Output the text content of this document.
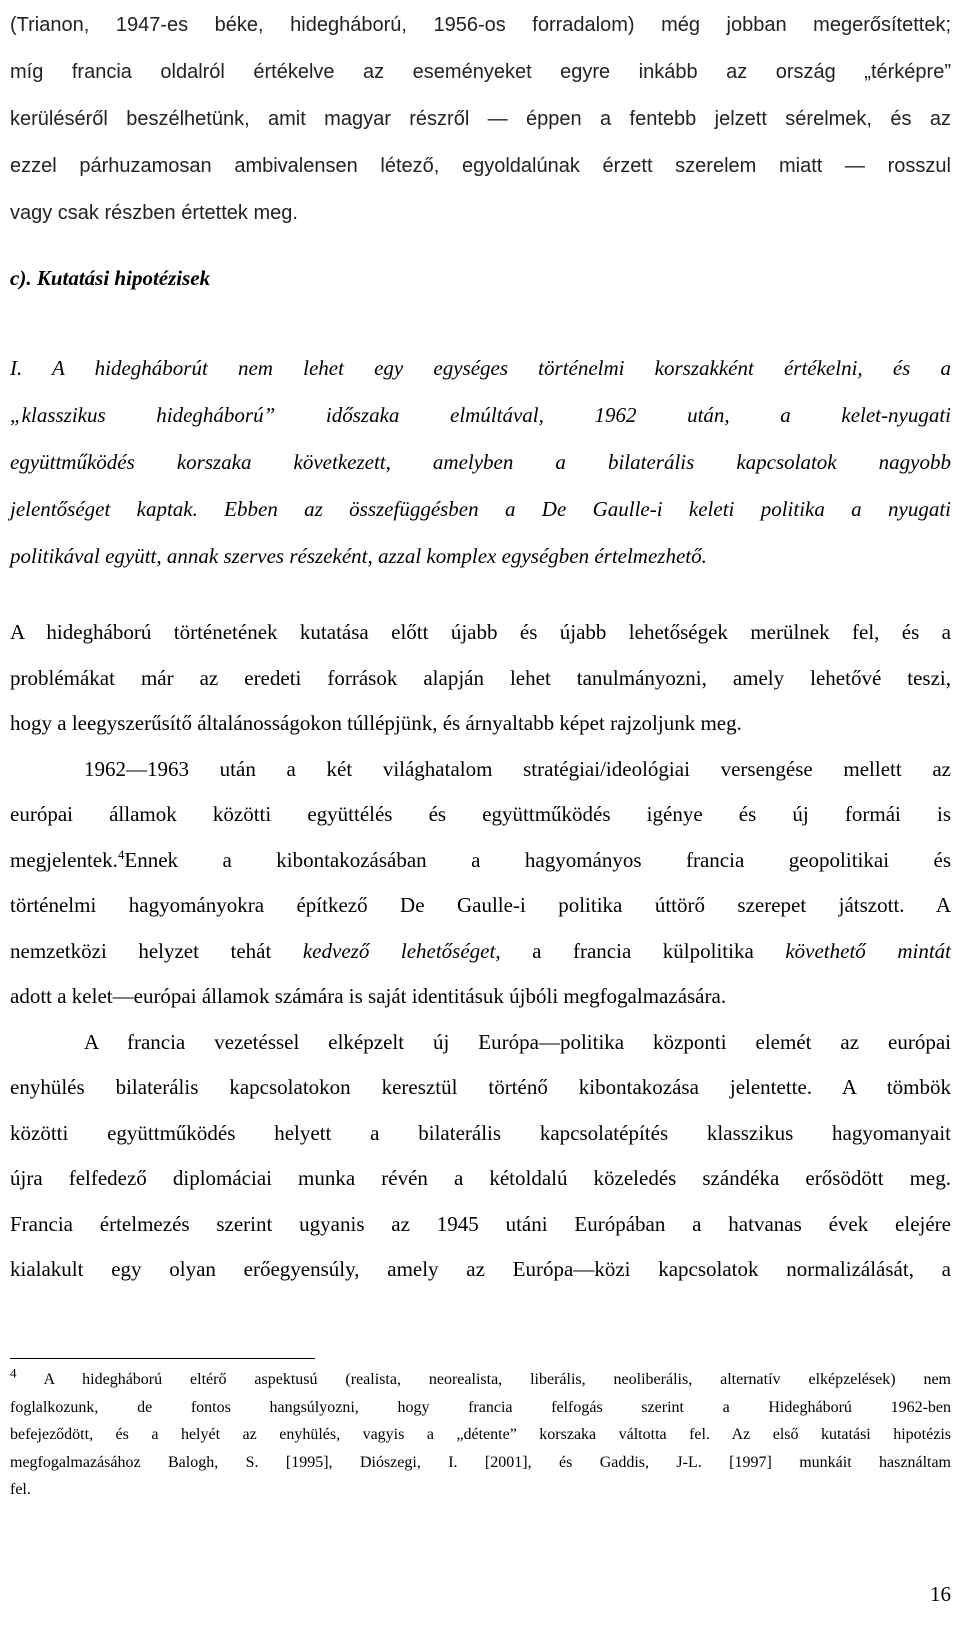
(Trianon, 1947-es béke, hidegháború, 1956-os forradalom) még jobban megerősítettek;
míg francia oldalról értékelve az eseményeket egyre inkább az ország „térképre”
kerüléséről beszélhetünk, amit magyar részről — éppen a fentebb jelzett sérelmek, és az
ezzel párhuzamosan ambivalensen létező, egyoldalúnak érzett szerelem miatt — rosszul
vagy csak részben értettek meg.
c). Kutatási hipotézisek
I. A hidegháborút nem lehet egy egységes történelmi korszakként értékelni, és a
„klasszikus hidegháború” időszaka elmúltával, 1962 után, a kelet-nyugati
együttműködés korszaka következett, amelyben a bilaterális kapcsolatok nagyobb
jelentőséget kaptak. Ebben az összefüggésben a De Gaulle-i keleti politika a nyugati
politikával együtt, annak szerves részeként, azzal komplex egységben értelmezhető.
A hidegháború történetének kutatása előtt újabb és újabb lehetőségek merülnek fel, és a
problémákat már az eredeti források alapján lehet tanulmányozni, amely lehetővé teszi,
hogy a leegyszerűsítő általánosságokon túllépjünk, és árnyaltabb képet rajzoljunk meg.
1962—1963 után a két világhatalom stratégiai/ideológiai versengése mellett az
európai államok közötti együttélés és együttműködés igénye és új formái is
megjelentek.$^4$Ennek a kibontakozásában a hagyományos francia geopolitikai és
történelmi hagyományokra építkező De Gaulle-i politika úttörő szerepet játszott. A
nemzetközi helyzet tehát kedvező lehetőséget, a francia külpolitika követhető mintát
adott a kelet—európai államok számára is saját identitásuk újbóli megfogalmazására.
A francia vezetéssel elképzelt új Európa—politika központi elemét az európai
enyhülés bilaterális kapcsolatokon keresztül történő kibontakozása jelentette. A tömbök
közötti együttműködés helyett a bilaterális kapcsolatépítés klasszikus hagyomanyait
újra felfedező diplomáciai munka révén a kétoldalú közeledés szándéka erősödött meg.
Francia értelmezés szerint ugyanis az 1945 utáni Európában a hatvanas évek elejére
kialakult egy olyan erőegyensúly, amely az Európa—közi kapcsolatok normalizálását, a
$^4$ A hidegháború eltérő aspektusú (realista, neorealista, liberális, neoliberális, alternatív elképzelések) nem
foglalkozunk, de fontos hangsúlyozni, hogy francia felfogás szerint a Hidegháború 1962-ben
befejeződött, és a helyét az enyhülés, vagyis a „détente” korszaka váltotta fel. Az első kutatási hipotézis
megfogalmazásához Balogh, S. [1995], Diószegi, I. [2001], és Gaddis, J-L. [1997] munkáit használtam
fel.
16
